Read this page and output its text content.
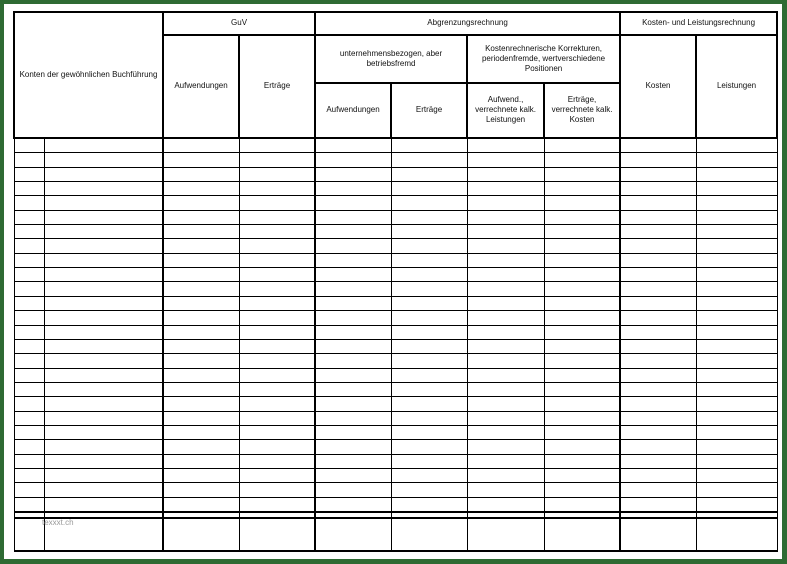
Konten der gewöhnlichen Buchführung		GuV		Abgrenzungsrechnung				Kosten- und Leistungsrechnung	
		Aufwendungen	Erträge	unternehmensbezogen, aber betriebsfremd		Kostenrechnerische Korrekturen, periodenfremde, wertverschiedene Positionen		Kosten	Leistungen
				Aufwendungen	Erträge	Aufwend., verrechnete kalk. Leistungen	Erträge, verrechnete kalk. Kosten		

texxxt.ch
